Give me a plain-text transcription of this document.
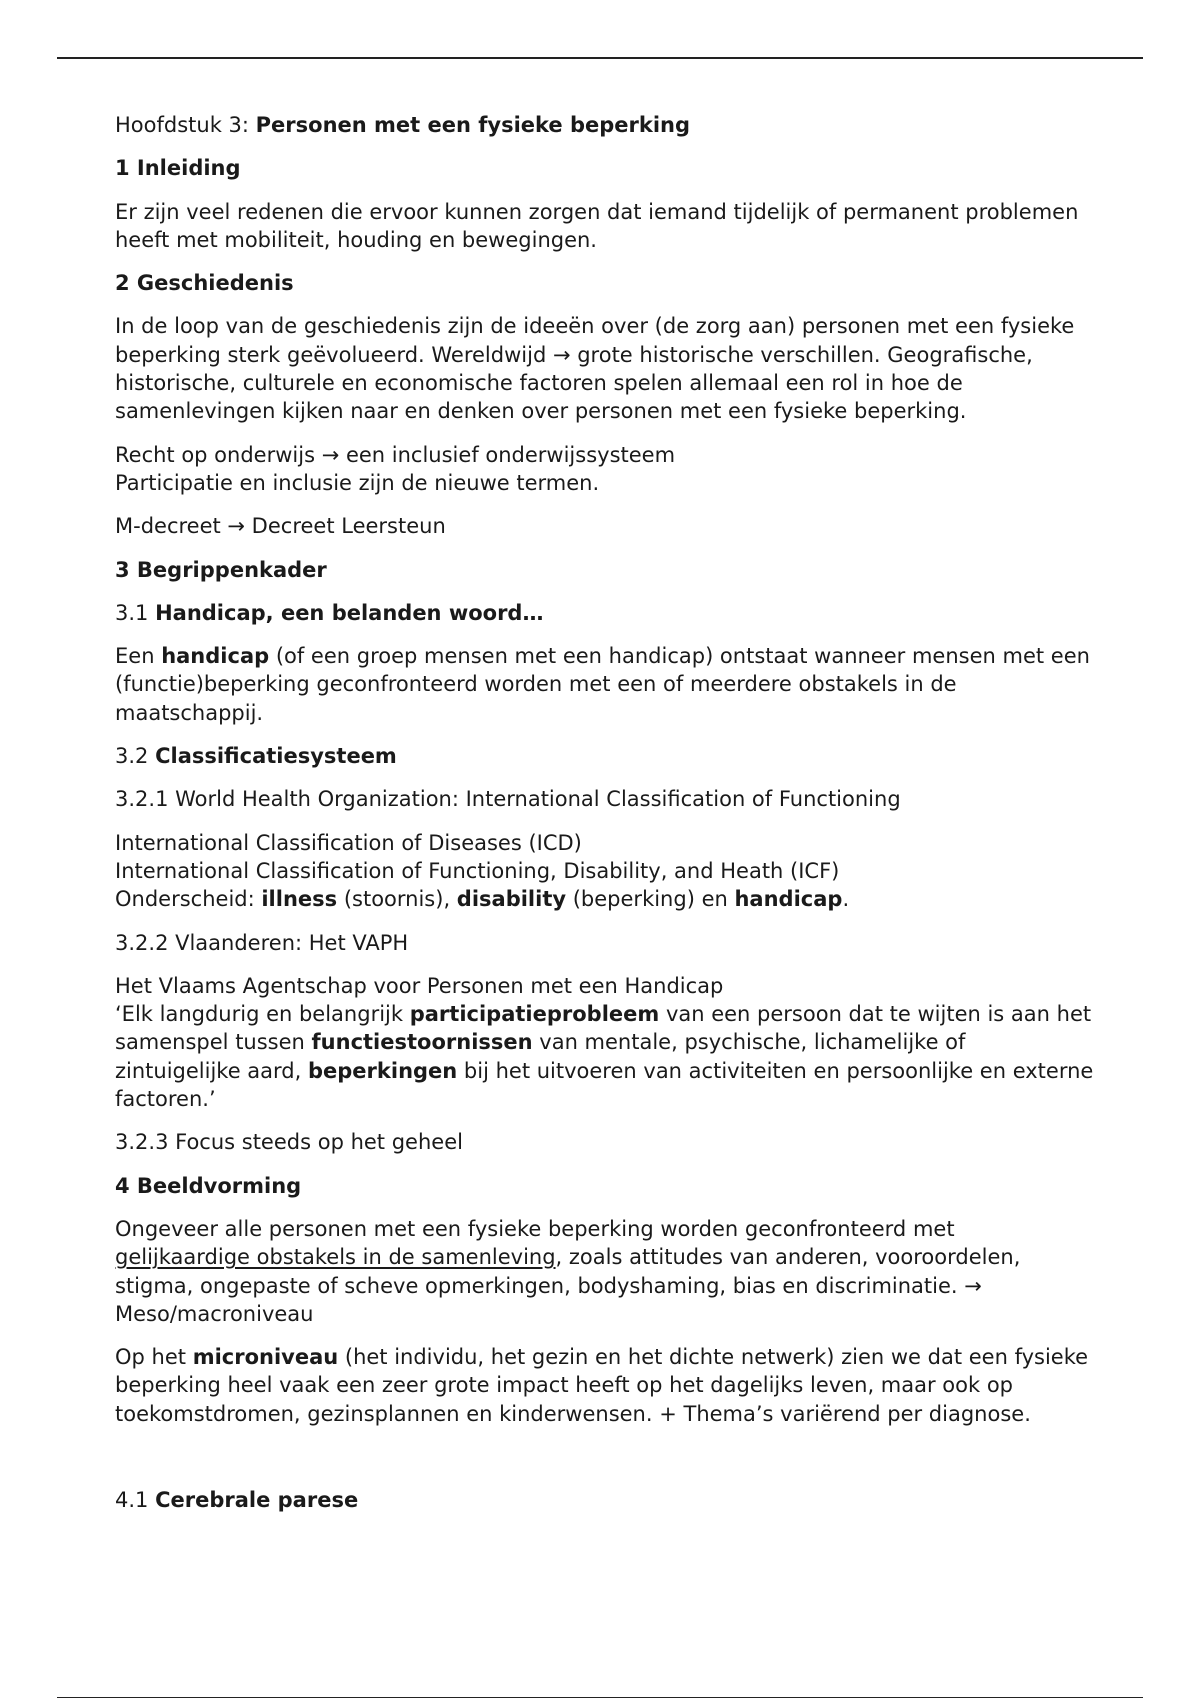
Hoofdstuk 3: Personen met een fysieke beperking

1 Inleiding

Er zijn veel redenen die ervoor kunnen zorgen dat iemand tijdelijk of permanent problemen heeft met mobiliteit, houding en bewegingen.

2 Geschiedenis

In de loop van de geschiedenis zijn de ideeën over (de zorg aan) personen met een fysieke beperking sterk geëvolueerd. Wereldwijd → grote historische verschillen. Geografische, historische, culturele en economische factoren spelen allemaal een rol in hoe de samenlevingen kijken naar en denken over personen met een fysieke beperking.

Recht op onderwijs → een inclusief onderwijssysteem
Participatie en inclusie zijn de nieuwe termen.

M-decreet → Decreet Leersteun

3 Begrippenkader

3.1 Handicap, een belanden woord…

Een handicap (of een groep mensen met een handicap) ontstaat wanneer mensen met een (functie)beperking geconfronteerd worden met een of meerdere obstakels in de maatschappij.

3.2 Classificatiesysteem

3.2.1 World Health Organization: International Classification of Functioning

International Classification of Diseases (ICD)
International Classification of Functioning, Disability, and Heath (ICF)
Onderscheid: illness (stoornis), disability (beperking) en handicap.

3.2.2 Vlaanderen: Het VAPH

Het Vlaams Agentschap voor Personen met een Handicap
‘Elk langdurig en belangrijk participatieprobleem van een persoon dat te wijten is aan het samenspel tussen functiestoornissen van mentale, psychische, lichamelijke of zintuigelijke aard, beperkingen bij het uitvoeren van activiteiten en persoonlijke en externe factoren.’

3.2.3 Focus steeds op het geheel

4 Beeldvorming

Ongeveer alle personen met een fysieke beperking worden geconfronteerd met gelijkaardige obstakels in de samenleving, zoals attitudes van anderen, vooroordelen, stigma, ongepaste of scheve opmerkingen, bodyshaming, bias en discriminatie. → Meso/macroniveau

Op het microniveau (het individu, het gezin en het dichte netwerk) zien we dat een fysieke beperking heel vaak een zeer grote impact heeft op het dagelijks leven, maar ook op toekomstdromen, gezinsplannen en kinderwensen. + Thema’s variërend per diagnose.

4.1 Cerebrale parese
